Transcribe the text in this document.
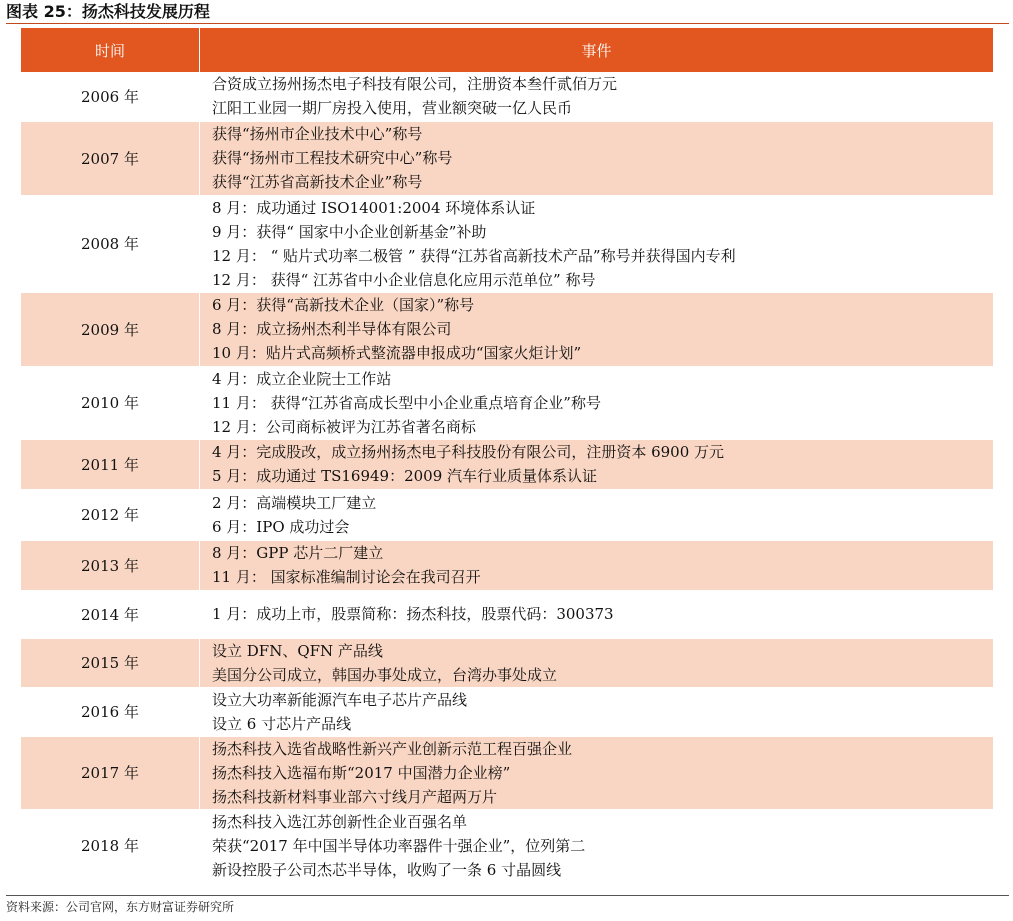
图表 25：扬杰科技发展历程
时间	事件
2006 年	合资成立扬州扬杰电子科技有限公司，注册资本叁仟贰佰万元
江阳工业园一期厂房投入使用，营业额突破一亿人民币

2007 年	获得“扬州市企业技术中心”称号
获得“扬州市工程技术研究中心”称号
获得“江苏省高新技术企业”称号

2008 年	8 月：成功通过 ISO14001:2004 环境体系认证
9 月：获得“ 国家中小企业创新基金”补助
12 月： “ 贴片式功率二极管 ” 获得“江苏省高新技术产品”称号并获得国内专利
12 月： 获得“ 江苏省中小企业信息化应用示范单位” 称号

2009 年	6 月：获得“高新技术企业（国家）”称号
8 月：成立扬州杰利半导体有限公司
10 月：贴片式高频桥式整流器申报成功“国家火炬计划”

2010 年	4 月：成立企业院士工作站
11 月： 获得“江苏省高成长型中小企业重点培育企业”称号
12 月：公司商标被评为江苏省著名商标

2011 年	4 月：完成股改，成立扬州扬杰电子科技股份有限公司，注册资本 6900 万元
5 月：成功通过 TS16949：2009 汽车行业质量体系认证

2012 年	2 月：高端模块工厂建立
6 月：IPO 成功过会

2013 年	8 月：GPP 芯片二厂建立
11 月： 国家标准编制讨论会在我司召开

2014 年	1 月：成功上市，股票简称：扬杰科技，股票代码：300373

2015 年	设立 DFN、QFN 产品线
美国分公司成立，韩国办事处成立，台湾办事处成立

2016 年	设立大功率新能源汽车电子芯片产品线
设立 6 寸芯片产品线

2017 年	扬杰科技入选省战略性新兴产业创新示范工程百强企业
扬杰科技入选福布斯“2017 中国潜力企业榜”
扬杰科技新材料事业部六寸线月产超两万片

2018 年	扬杰科技入选江苏创新性企业百强名单
荣获“2017 年中国半导体功率器件十强企业”，位列第二
新设控股子公司杰芯半导体，收购了一条 6 寸晶圆线
资料来源：公司官网，东方财富证券研究所
